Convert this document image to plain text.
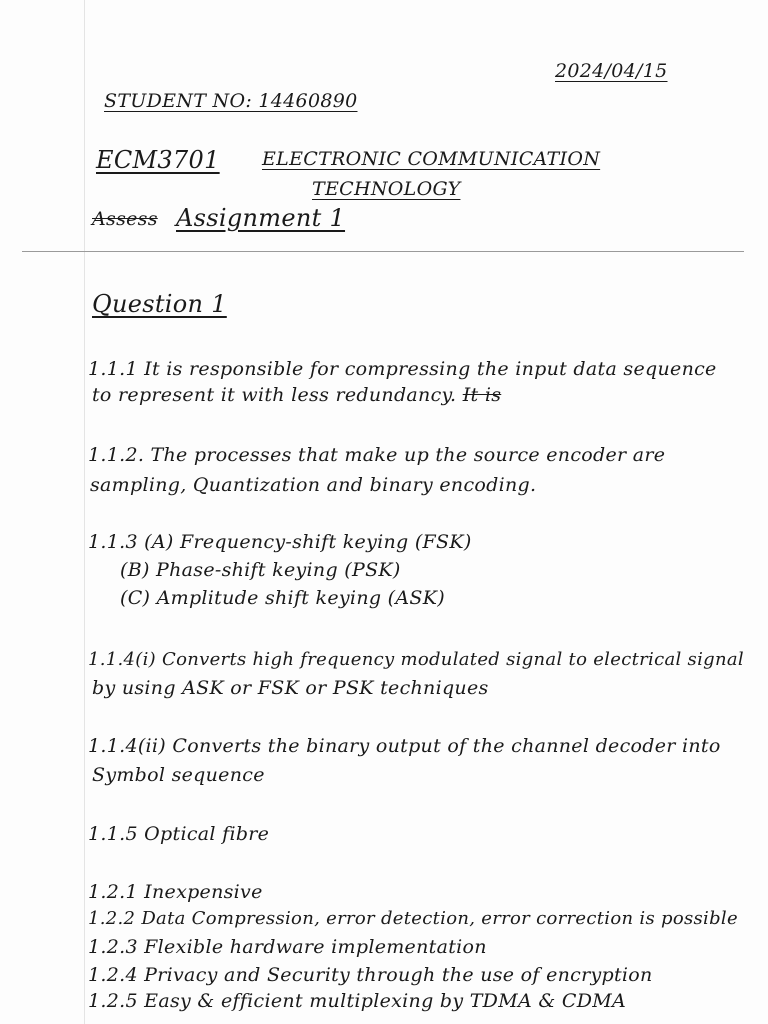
2024/04/15
STUDENT NO: 14460890
ECM3701 ELECTRONIC COMMUNICATION
TECHNOLOGY
Assess Assignment 1
Question 1
1.1.1 It is responsible for compressing the input data sequence
to represent it with less redundancy. It is
1.1.2. The processes that make up the source encoder are
sampling, Quantization and binary encoding.
1.1.3 (A) Frequency-shift keying (FSK)
(B) Phase-shift keying (PSK)
(C) Amplitude shift keying (ASK)
1.1.4(i) Converts high frequency modulated signal to electrical signal
by using ASK or FSK or PSK techniques
1.1.4(ii) Converts the binary output of the channel decoder into
Symbol sequence
1.1.5 Optical fibre
1.2.1 Inexpensive
1.2.2 Data Compression, error detection, error correction is possible
1.2.3 Flexible hardware implementation
1.2.4 Privacy and Security through the use of encryption
1.2.5 Easy & efficient multiplexing by TDMA & CDMA
